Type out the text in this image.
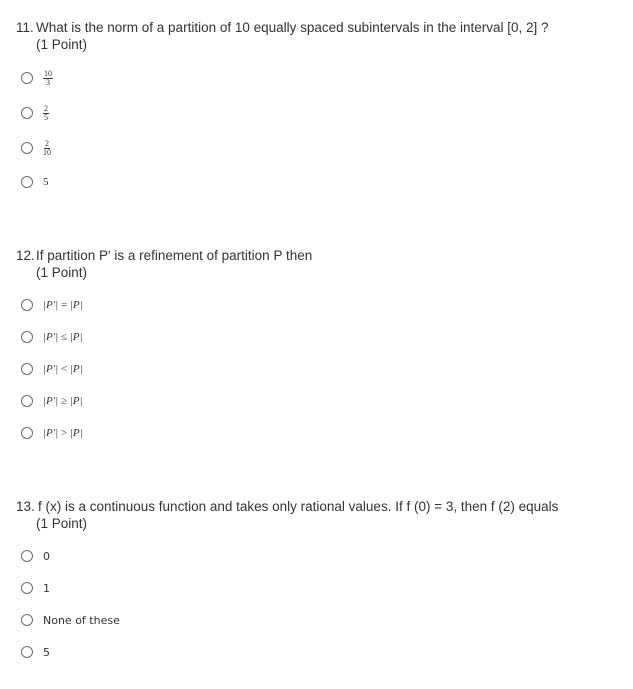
11. What is the norm of a partition of 10 equally spaced subintervals in the interval [0, 2] ?
(1 Point)
$\frac{10}{3}$
$\frac{2}{5}$
$\frac{2}{10}$
5
12. If partition P' is a refinement of partition P then
(1 Point)
|P′| = |P|
|P′| ≤ |P|
|P′| < |P|
|P′| ≥ |P|
|P′| > |P|
13. f (x) is a continuous function and takes only rational values. If f (0) = 3, then f (2) equals
(1 Point)
0
1
None of these
5
